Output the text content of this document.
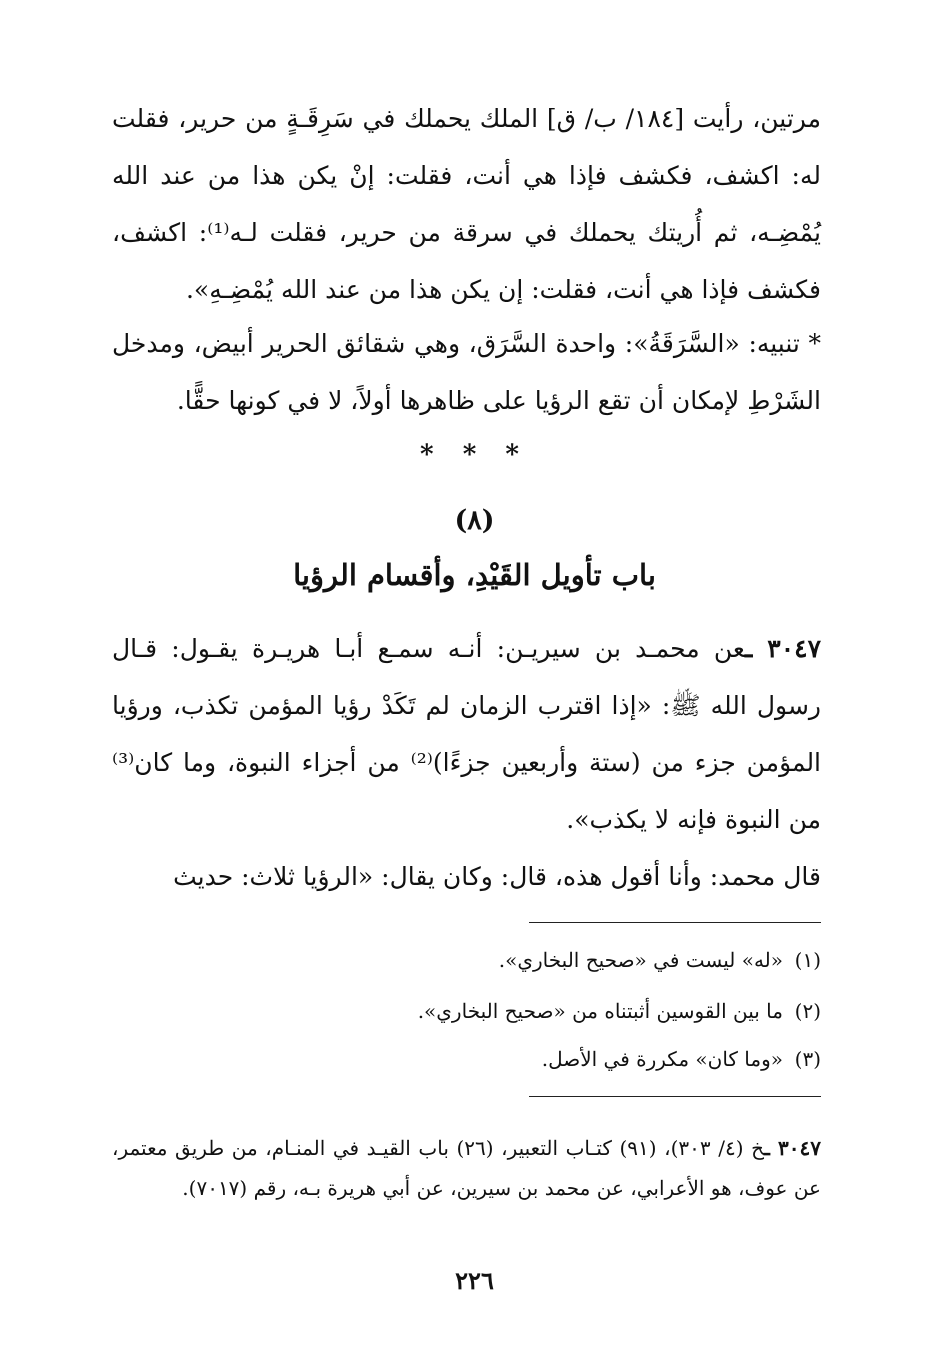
مرتين، رأيت [١٨٤/ ب/ ق] الملك يحملك في سَرِقَـةٍ من حرير، فقلت له: اكشف، فكشف فإذا هي أنت، فقلت: إنْ يكن هذا من عند الله يُمْضِـه، ثم أُريتك يحملك في سرقة من حرير، فقلت لـه⁽¹⁾: اكشف، فكشف فإذا هي أنت، فقلت: إن يكن هذا من عند الله يُمْضِـهِ».

* تنبيه: «السَّرَقَةُ»: واحدة السَّرَق، وهي شقائق الحرير أبيض، ومدخل الشَرْطِ لإمكان أن تقع الرؤيا على ظاهرها أولاً، لا في كونها حقًّا.

* * *
(٨)
باب تأويل القَيْدِ، وأقسام الرؤيا

٣٠٤٧ ـعن محمـد بن سيريـن: أنـه سمـع أبـا هريـرة يقـول: قـال رسول الله ﷺ: «إذا اقترب الزمان لم تَكَدْ رؤيا المؤمن تكذب، ورؤيا المؤمن جزء من (ستة وأربعين جزءًا)⁽²⁾ من أجزاء النبوة، وما كان⁽³⁾ من النبوة فإنه لا يكذب».

قال محمد: وأنا أقول هذه، قال: وكان يقال: «الرؤيا ثلاث: حديث

(١)«له» ليست في «صحيح البخاري».
(٢)ما بين القوسين أثبتناه من «صحيح البخاري».
(٣)«وما كان» مكررة في الأصل.

٣٠٤٧ ـخ (٤/ ٣٠٣)، (٩١) كتـاب التعبير، (٢٦) باب القيـد في المنـام، من طريق معتمر، عن عوف، هو الأعرابي، عن محمد بن سيرين، عن أبي هريرة بـه، رقم (٧٠١٧).

٢٢٦
